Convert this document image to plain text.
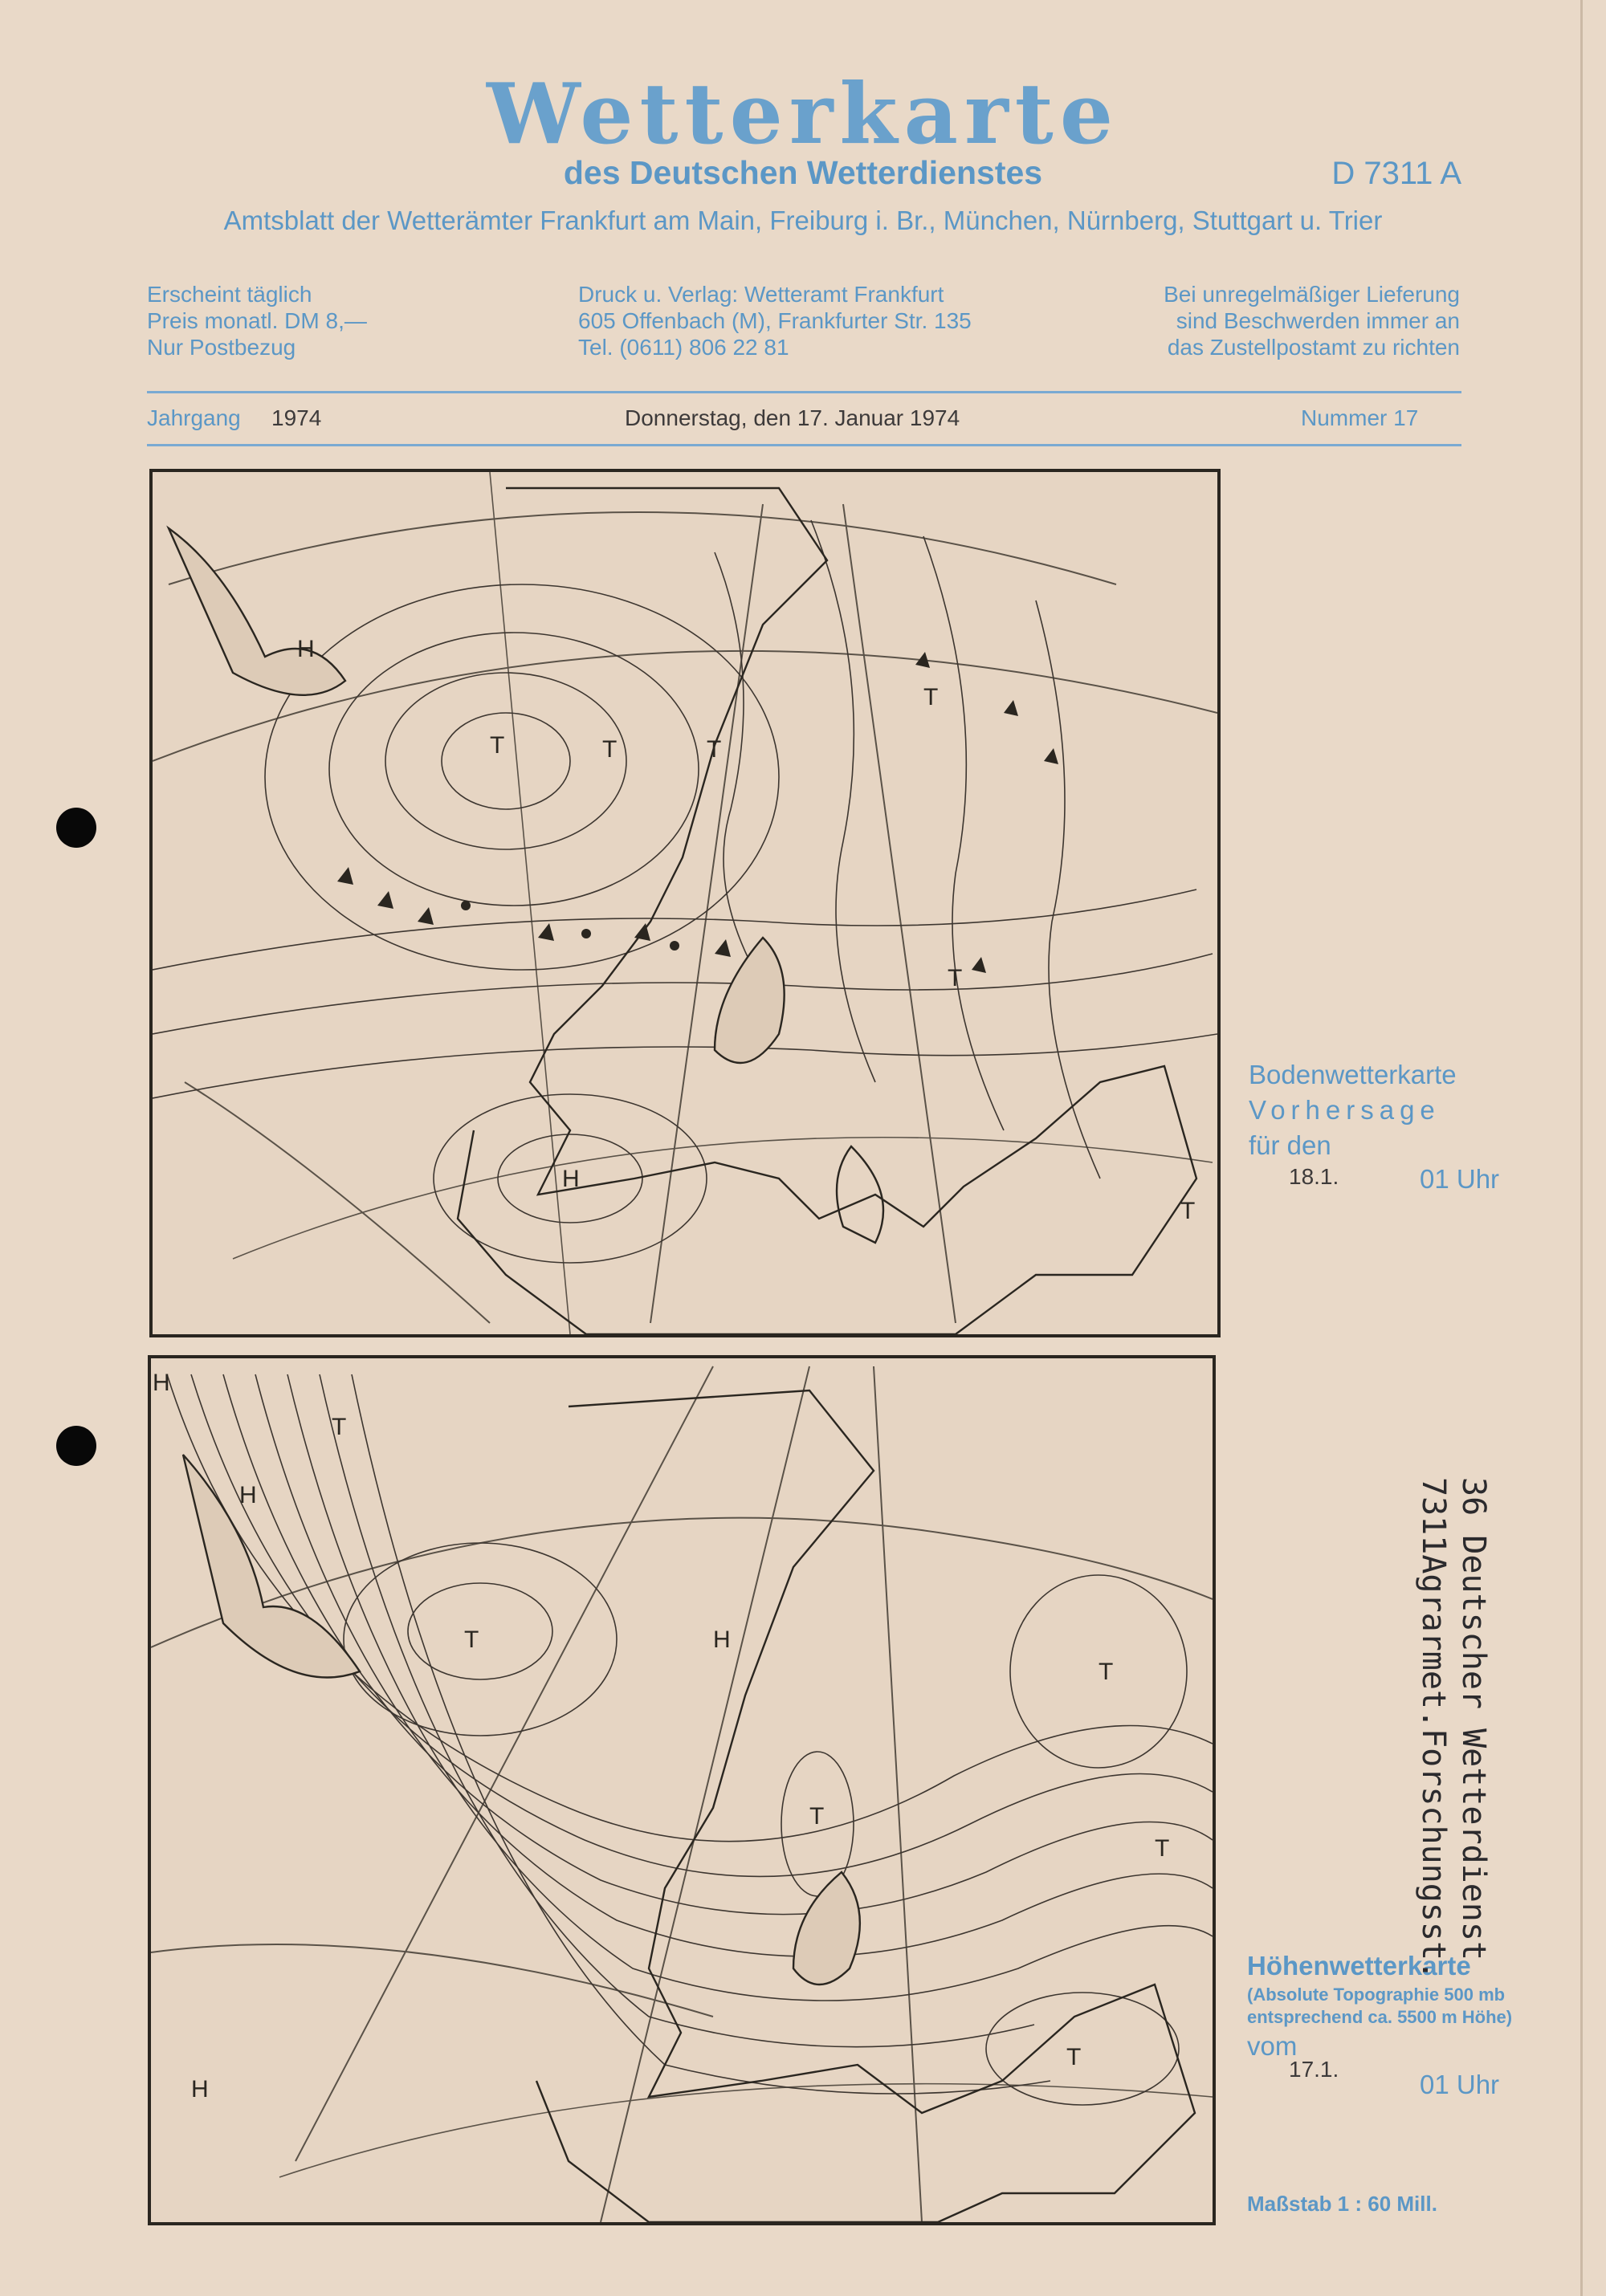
Wetterkarte
des Deutschen Wetterdienstes	D 7311 A
Amtsblatt der Wetterämter Frankfurt am Main, Freiburg i. Br., München, Nürnberg, Stuttgart u. Trier
Erscheint täglich
Preis monatl. DM 8,—
Nur Postbezug
Druck u. Verlag: Wetteramt Frankfurt
605 Offenbach (M), Frankfurter Str. 135
Tel. (0611) 806 22 81
Bei unregelmäßiger Lieferung
sind Beschwerden immer an
das Zustellpostamt zu richten
Jahrgang 1974	Donnerstag, den 17. Januar 1974	Nummer 17
H
T	T	T
T
H
T
T
Bodenwetterkarte
Vorhersage
für den
18.1.	01 Uhr
H
T
H
T
T
H
T
T
T
H
Höhenwetterkarte
(Absolute Topographie 500 mb
entsprechend ca. 5500 m Höhe)
vom
17.1.
01 Uhr
Maßstab 1 : 60 Mill.
36 Deutscher Wetterdienst
7311Agrarmet.Forschungsst.
